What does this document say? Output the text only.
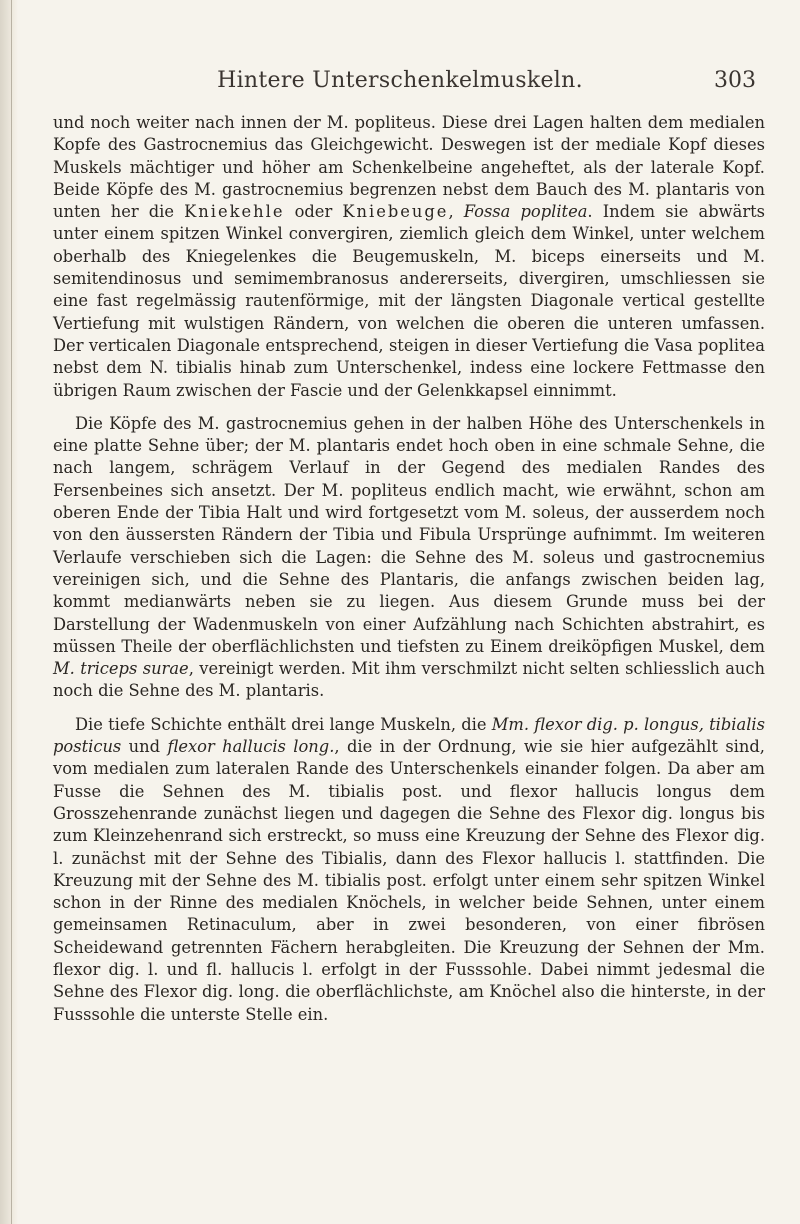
Hintere Unterschenkelmuskeln.	303

und noch weiter nach innen der M. popliteus. Diese drei Lagen halten dem medialen Kopfe des Gastrocnemius das Gleichgewicht. Deswegen ist der mediale Kopf dieses Muskels mächtiger und höher am Schenkelbeine angeheftet, als der laterale Kopf. Beide Köpfe des M. gastrocnemius begrenzen nebst dem Bauch des M. plantaris von unten her die Kniekehle oder Kniebeuge, Fossa poplitea. Indem sie abwärts unter einem spitzen Winkel convergiren, ziemlich gleich dem Winkel, unter welchem oberhalb des Kniegelenkes die Beugemuskeln, M. biceps einerseits und M. semitendinosus und semimembranosus andererseits, divergiren, umschliessen sie eine fast regelmässig rautenförmige, mit der längsten Diagonale vertical gestellte Vertiefung mit wulstigen Rändern, von welchen die oberen die unteren umfassen. Der verticalen Diagonale entsprechend, steigen in dieser Vertiefung die Vasa poplitea nebst dem N. tibialis hinab zum Unterschenkel, indess eine lockere Fettmasse den übrigen Raum zwischen der Fascie und der Gelenkkapsel einnimmt.

Die Köpfe des M. gastrocnemius gehen in der halben Höhe des Unterschenkels in eine platte Sehne über; der M. plantaris endet hoch oben in eine schmale Sehne, die nach langem, schrägem Verlauf in der Gegend des medialen Randes des Fersenbeines sich ansetzt. Der M. popliteus endlich macht, wie erwähnt, schon am oberen Ende der Tibia Halt und wird fortgesetzt vom M. soleus, der ausserdem noch von den äussersten Rändern der Tibia und Fibula Ursprünge aufnimmt. Im weiteren Verlaufe verschieben sich die Lagen: die Sehne des M. soleus und gastrocnemius vereinigen sich, und die Sehne des Plantaris, die anfangs zwischen beiden lag, kommt medianwärts neben sie zu liegen. Aus diesem Grunde muss bei der Darstellung der Wadenmuskeln von einer Aufzählung nach Schichten abstrahirt, es müssen Theile der oberflächlichsten und tiefsten zu Einem dreiköpfigen Muskel, dem M. triceps surae, vereinigt werden. Mit ihm verschmilzt nicht selten schliesslich auch noch die Sehne des M. plantaris.

Die tiefe Schichte enthält drei lange Muskeln, die Mm. flexor dig. p. longus, tibialis posticus und flexor hallucis long., die in der Ordnung, wie sie hier aufgezählt sind, vom medialen zum lateralen Rande des Unterschenkels einander folgen. Da aber am Fusse die Sehnen des M. tibialis post. und flexor hallucis longus dem Grosszehenrande zunächst liegen und dagegen die Sehne des Flexor dig. longus bis zum Kleinzehenrand sich erstreckt, so muss eine Kreuzung der Sehne des Flexor dig. l. zunächst mit der Sehne des Tibialis, dann des Flexor hallucis l. stattfinden. Die Kreuzung mit der Sehne des M. tibialis post. erfolgt unter einem sehr spitzen Winkel schon in der Rinne des medialen Knöchels, in welcher beide Sehnen, unter einem gemeinsamen Retinaculum, aber in zwei besonderen, von einer fibrösen Scheidewand getrennten Fächern herabgleiten. Die Kreuzung der Sehnen der Mm. flexor dig. l. und fl. hallucis l. erfolgt in der Fusssohle. Dabei nimmt jedesmal die Sehne des Flexor dig. long. die oberflächlichste, am Knöchel also die hinterste, in der Fusssohle die unterste Stelle ein.
